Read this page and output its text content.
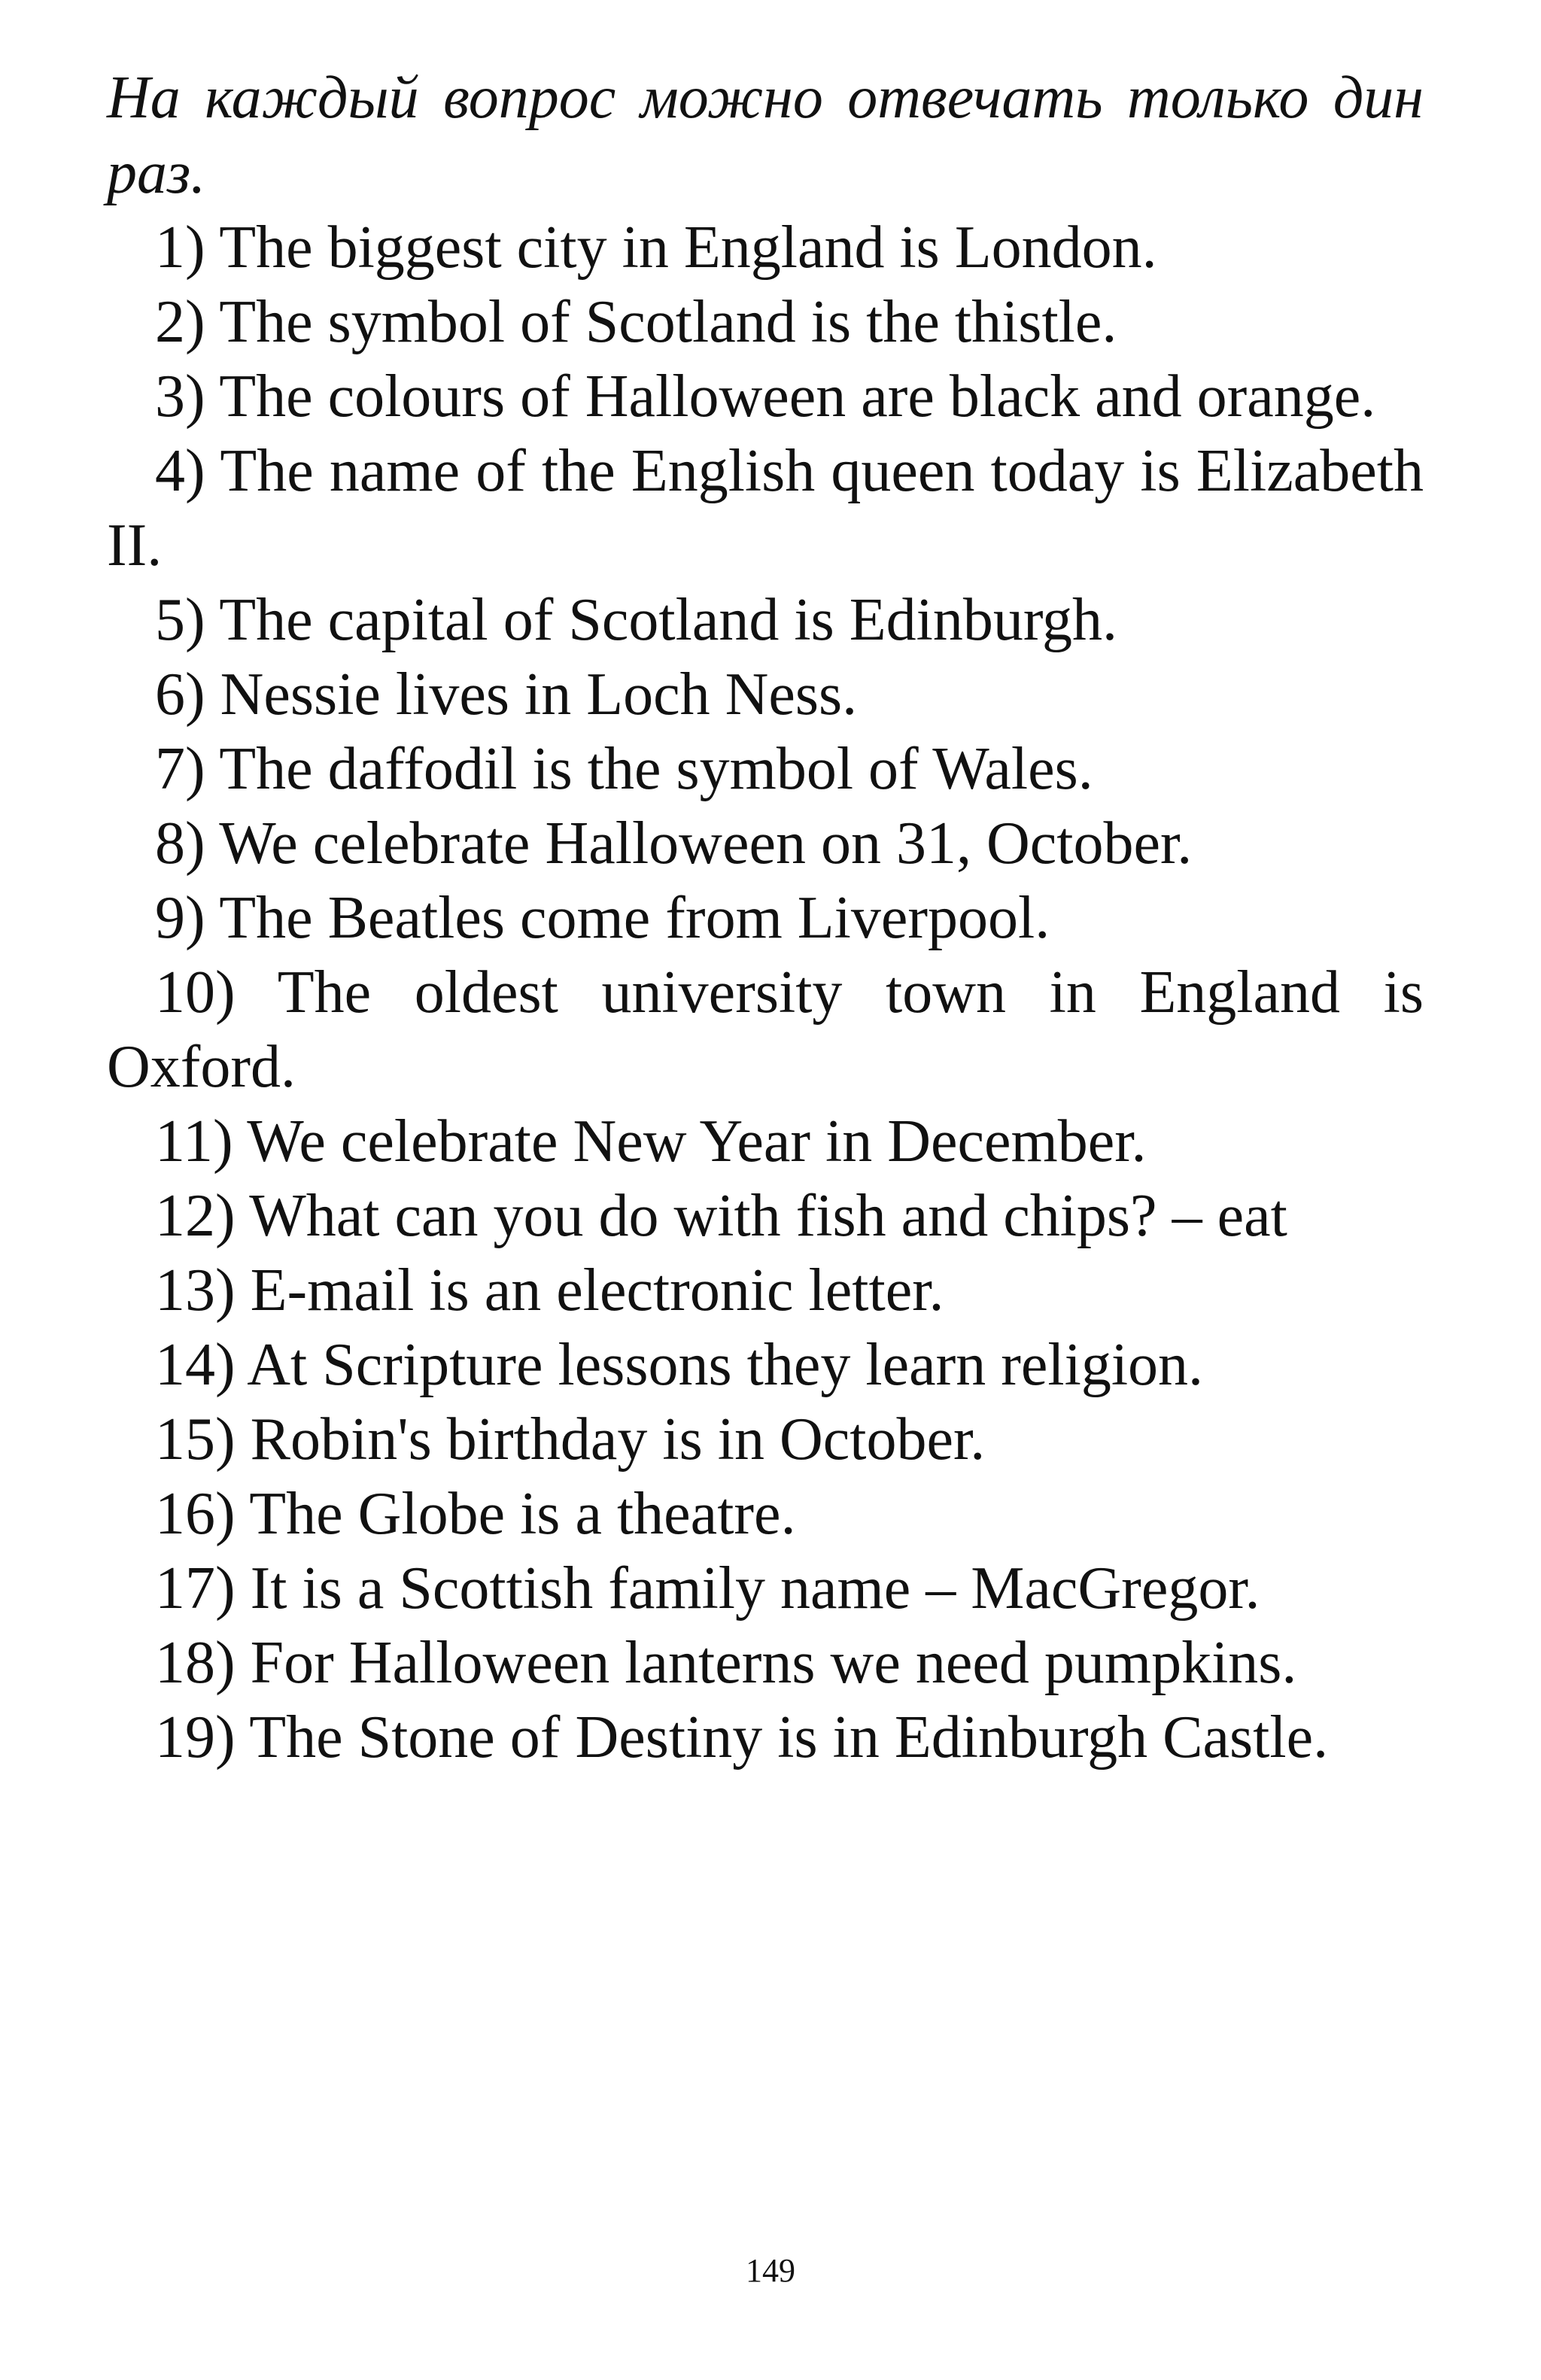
На каждый вопрос можно отвечать только дин раз.

1) The biggest city in England is London.
2) The symbol of Scotland is the thistle.
3) The colours of Halloween are black and orange.
4) The name of the English queen today is Elizabeth II.
5) The capital of Scotland is Edinburgh.
6) Nessie lives in Loch Ness.
7) The daffodil is the symbol of Wales.
8) We celebrate Halloween on 31, October.
9) The Beatles come from Liverpool.
10) The oldest university town in England is Oxford.
11) We celebrate New Year in December.
12) What can you do with fish and chips? – eat
13) E-mail is an electronic letter.
14) At Scripture lessons they learn religion.
15) Robin's birthday is in October.
16) The Globe is a theatre.
17) It is a Scottish family name – MacGregor.
18) For Halloween lanterns we need pumpkins.
19) The Stone of Destiny is in Edinburgh Castle.
149
